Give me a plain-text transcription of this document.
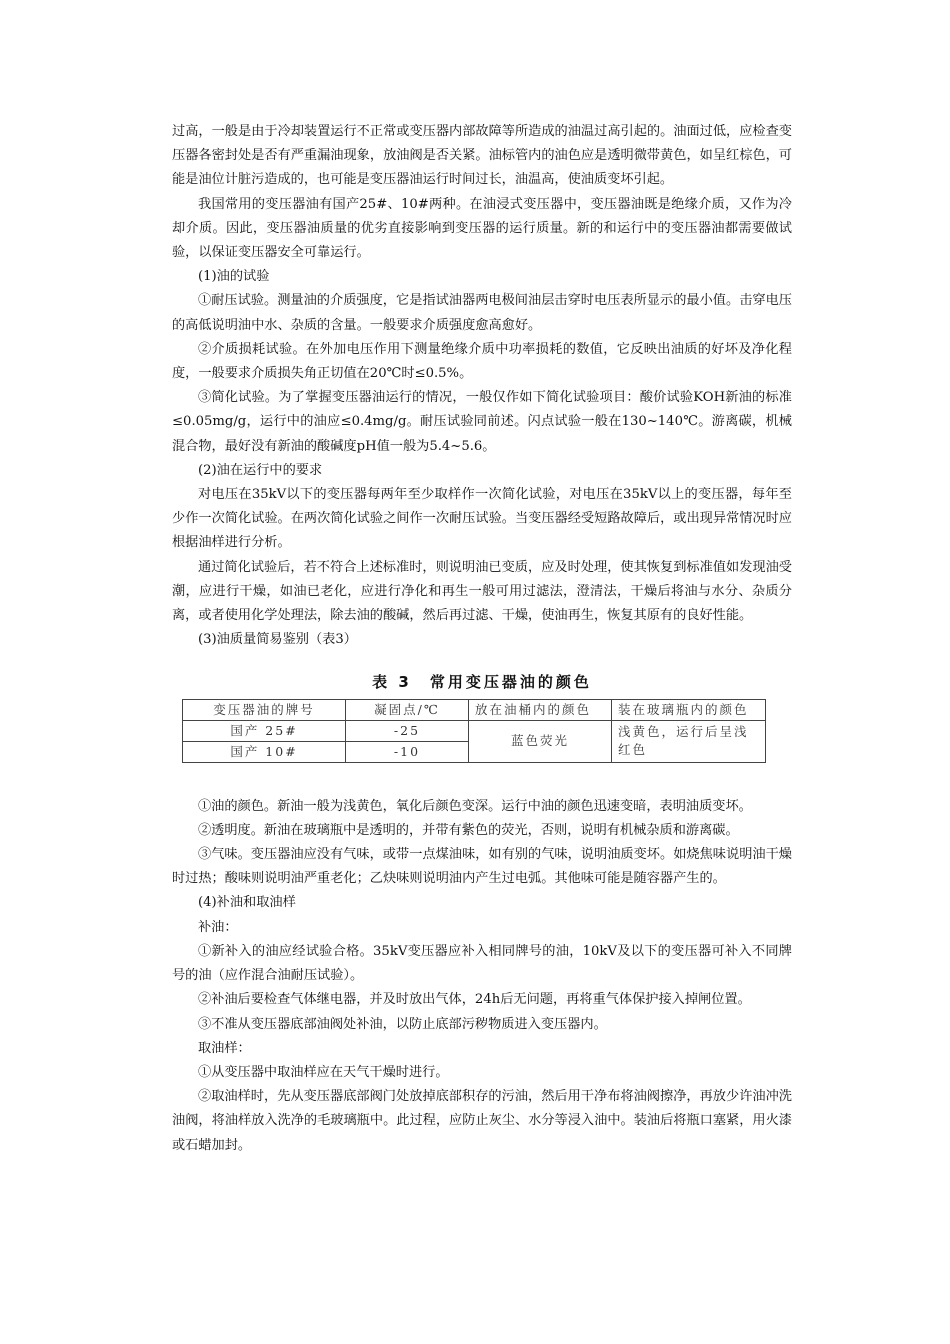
过高，一般是由于冷却装置运行不正常或变压器内部故障等所造成的油温过高引起的。油面过低，应检查变压器各密封处是否有严重漏油现象，放油阀是否关紧。油标管内的油色应是透明微带黄色，如呈红棕色，可能是油位计脏污造成的，也可能是变压器油运行时间过长，油温高，使油质变坏引起。

我国常用的变压器油有国产25#、10#两种。在油浸式变压器中，变压器油既是绝缘介质，又作为冷却介质。因此，变压器油质量的优劣直接影响到变压器的运行质量。新的和运行中的变压器油都需要做试验，以保证变压器安全可靠运行。

(1)油的试验

①耐压试验。测量油的介质强度，它是指试油器两电极间油层击穿时电压表所显示的最小值。击穿电压的高低说明油中水、杂质的含量。一般要求介质强度愈高愈好。

②介质损耗试验。在外加电压作用下测量绝缘介质中功率损耗的数值，它反映出油质的好坏及净化程度，一般要求介质损失角正切值在20℃时≤0.5%。

③简化试验。为了掌握变压器油运行的情况，一般仅作如下简化试验项目：酸价试验KOH新油的标准≤0.05mg/g，运行中的油应≤0.4mg/g。耐压试验同前述。闪点试验一般在130~140℃。游离碳，机械混合物，最好没有新油的酸碱度pH值一般为5.4~5.6。

(2)油在运行中的要求

对电压在35kV以下的变压器每两年至少取样作一次简化试验，对电压在35kV以上的变压器，每年至少作一次简化试验。在两次简化试验之间作一次耐压试验。当变压器经受短路故障后，或出现异常情况时应根据油样进行分析。

通过简化试验后，若不符合上述标准时，则说明油已变质，应及时处理，使其恢复到标准值如发现油受潮，应进行干燥，如油已老化，应进行净化和再生一般可用过滤法，澄清法，干燥后将油与水分、杂质分离，或者使用化学处理法，除去油的酸碱，然后再过滤、干燥，使油再生，恢复其原有的良好性能。

(3)油质量简易鉴别（表3）

表 3　常用变压器油的颜色
变压器油的牌号	凝固点/℃	放在油桶内的颜色	装在玻璃瓶内的颜色
国产 25#	-25	蓝色荧光	浅黄色，运行后呈浅红色
国产 10#	-10		

①油的颜色。新油一般为浅黄色，氧化后颜色变深。运行中油的颜色迅速变暗，表明油质变坏。

②透明度。新油在玻璃瓶中是透明的，并带有紫色的荧光，否则，说明有机械杂质和游离碳。

③气味。变压器油应没有气味，或带一点煤油味，如有别的气味，说明油质变坏。如烧焦味说明油干燥时过热；酸味则说明油严重老化；乙炔味则说明油内产生过电弧。其他味可能是随容器产生的。

(4)补油和取油样

补油：

①新补入的油应经试验合格。35kV变压器应补入相同牌号的油，10kV及以下的变压器可补入不同牌号的油（应作混合油耐压试验）。

②补油后要检查气体继电器，并及时放出气体，24h后无问题，再将重气体保护接入掉闸位置。

③不准从变压器底部油阀处补油，以防止底部污秽物质进入变压器内。

取油样：

①从变压器中取油样应在天气干燥时进行。

②取油样时，先从变压器底部阀门处放掉底部积存的污油，然后用干净布将油阀擦净，再放少许油冲洗油阀，将油样放入洗净的毛玻璃瓶中。此过程，应防止灰尘、水分等浸入油中。装油后将瓶口塞紧，用火漆或石蜡加封。
